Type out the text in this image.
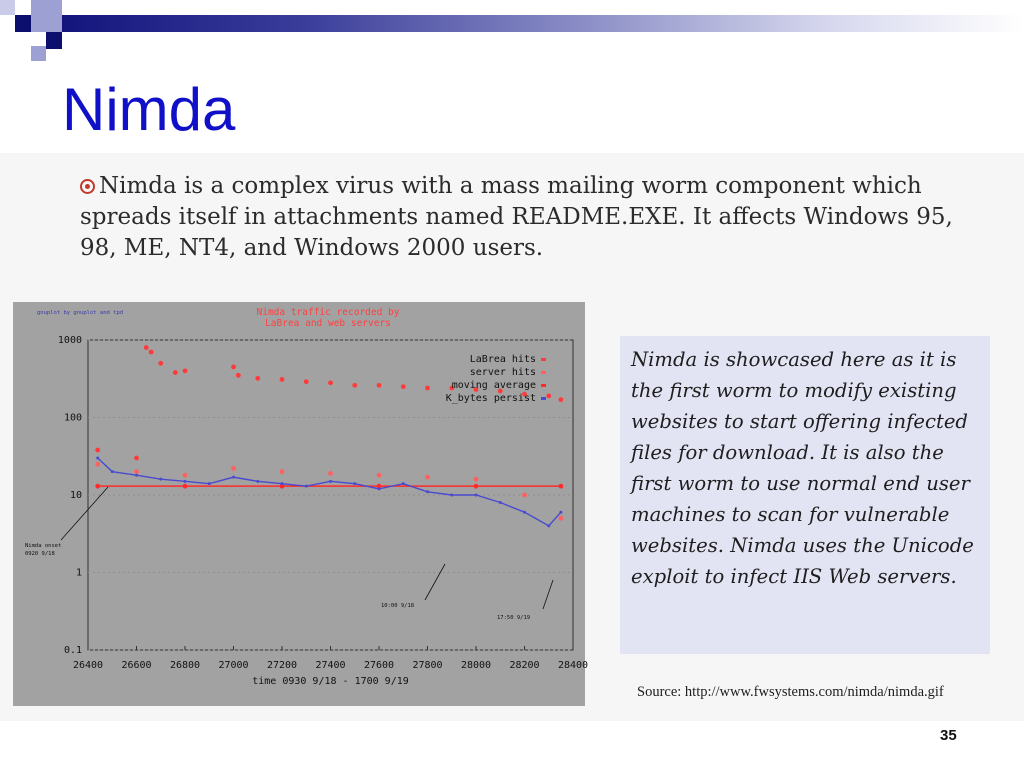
Nimda
Nimda is a complex virus with a mass mailing worm component which spreads itself in attachments named README.EXE. It affects Windows 95, 98, ME, NT4, and Windows 2000 users.
1000
100
10
1
0.1
26400 26600 26800 27000 27200 27400 27600 27800 28000 28200 28400
time 0930 9/18 - 1700 9/19
Nimda traffic recorded by
LaBrea and web servers
gnuplot by gnuplot and tpd
LaBrea hits
server hits
moving average
K_bytes persist
Nimda onset
0920 9/18
10:00 9/18
17:50 9/19
Nimda is showcased here as it is the first worm to modify existing websites to start offering infected files for download. It is also the first worm to use normal end user machines to scan for vulnerable websites. Nimda uses the Unicode exploit to infect IIS Web servers.
Source: http://www.fwsystems.com/nimda/nimda.gif
35
